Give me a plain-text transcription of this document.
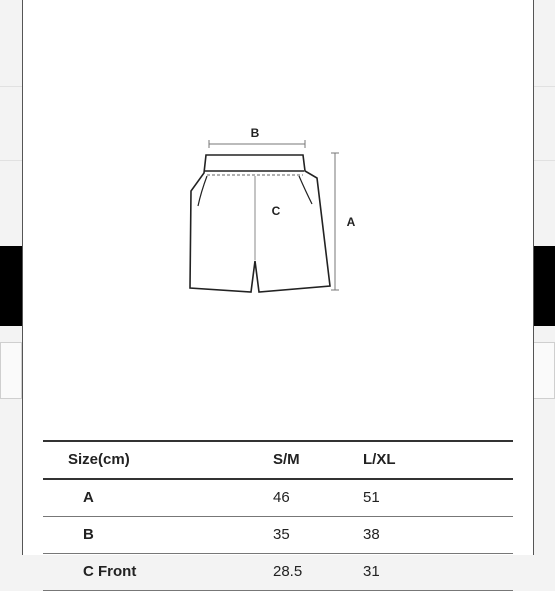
B
C
A
Size(cm)	S/M	L/XL
A	46	51
B	35	38
C Front	28.5	31
